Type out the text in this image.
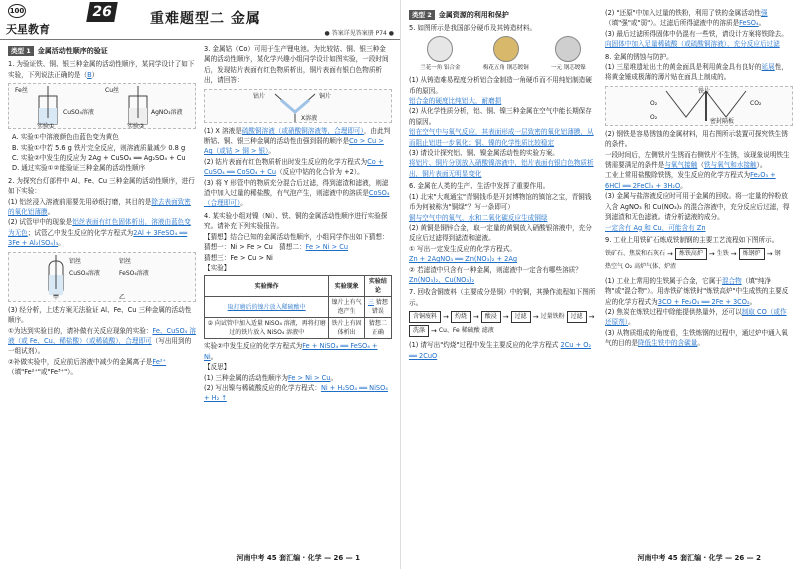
100
天星教育
26	重难题型二 金属
● 答案详见答案册 P74 ●
类型 1	金属活动性顺序的验证
1. 为验证铁、铜、银三种金属的活动性顺序，某同学设计了如下实验，下列说法正确的是（B）
Fe丝
CuSO₄溶液
Cu丝
AgNO₃溶液
实验①	实验②
A. 实验①中溶液颜色由蓝色变为黄色
B. 实验①中若 5.6 g 铁片完全反应，则溶液质量减少 0.8 g
C. 实验②中发生的反应为 2Ag + CuSO₄ ══ Ag₂SO₄ + Cu
D. 通过实验①②能验证三种金属的活动性顺序
2. 为探究台灯部件中 Al、Fe、Cu 三种金属的活动性顺序，进行如下实验：
(1) 铝丝浸入溶液前需要先用砂纸打磨，其目的是除去表面致密的氧化铝薄膜。
(2) 试管甲中的现象是铝丝表面有红色固体析出，溶液由蓝色变为无色；试管乙中发生反应的化学方程式为2Al + 3FeSO₄ ══ 3Fe + Al₂(SO₄)₃。
铝丝
CuSO₄溶液
甲
铝丝
FeSO₄溶液
乙
(3) 经分析，上述方案无法验证 Al、Fe、Cu 三种金属的活动性顺序。
①为达到实验目的，请补做有关反应现象的实验：Fe、CuSO₄ 溶液（或 Fe、Cu、稀盐酸）（或稀硫酸），合理即可（写出用到的一组试剂）。
②补做实验中，反应前后溶液中减少的金属离子是Fe²⁺（填"Fe²⁺"或"Fe³⁺"）。
3. 金属钴（Co）可用于生产锂电池。为比较钴、铜、银三种金属的活动性顺序，某化学兴趣小组同学设计如图实验，一段时间后，发现钴片表面有红色物质析出，铜片表面有银白色物质析出，请回答：
钴片	铜片
X溶液
(1) X 溶液是硫酸铜溶液（或硝酸铜溶液等，合理即可），由此判断钴、铜、银三种金属的活动性由强到弱的顺序是Co > Cu > Ag（或钴 > 铜 > 银）。
(2) 钴片表面有红色物质析出时发生反应的化学方程式为Co + CuSO₄ ══ CoSO₄ + Cu（反应中钴的化合价为 +2）。
(3) 将 Y 形管中的物质充分混合后过滤，得到滤渣和滤液，则滤渣中加入过量的稀盐酸，有气泡产生，则滤液中的溶质是CoSO₄（合理即可）。
4. 某实验小组对镍（Ni）、铁、铜的金属活动性顺序进行实验探究。请补充下列实验报告。
【猜想】结合已知的金属活动性顺序，小组同学作出如下猜想：
猜想一：Ni > Fe > Cu 猜想二：Fe > Ni > Cu
猜想三：Fe > Cu > Ni
【实验】
实验操作	实验现象	实验结论
取打磨后的镍片放入稀硫酸中	镍片上有气泡产生	三 猜想 错误
② 向试管中加入适量 NiSO₄ 溶液，再将打磨过的铁片放入 NiSO₄ 溶液中	铁片上有固体析出	猜想二正确
实验②中发生反应的化学方程式为Fe + NiSO₄ ══ FeSO₄ + Ni。
【反思】
(1) 三种金属的活动性顺序为Fe > Ni > Cu。
(2) 写出镍与稀硫酸反应的化学方程式：Ni + H₂SO₄ ══ NiSO₄ + H₂ ↑
河南中考 45 套汇编 · 化学 — 26 — 1
类型 2	金属资源的利用和保护
5. 如图所示是我国部分硬币及其铸造材料。
兰花一角 铝合金	梅花五角 钢芯镀铜	一元 钢芯镀镍
(1) 从铸造难易程度分析铝合金制造一角硬币而不用纯铝制造硬币的原因。
铝合金的硬度比纯铝大，耐磨损
(2) 从化学性质分析，铝、铜、镍三种金属在空气中能长期保存的原因。
铝在空气中与氧气反应，其表面形成一层致密的氧化铝薄膜，从而阻止铝进一步氧化；铜、镍的化学性质比较稳定
(3) 请设计探究铝、铜、镍金属活动性的实验方案。
将铝片、铜片分别放入硝酸镍溶液中，铝片表面有银白色物质析出，铜片表面无明显变化
6. 金属在人类的生产、生活中发挥了重要作用。
(1) 北宋"大观通宝"青铜钱币是开封博物馆的镇馆之宝，青铜钱币为何被称为"铜绿"？写一条即可）
铜与空气中的氧气、水和二氧化碳反应生成铜绿
(2) 黄铜是铜锌合金，取一定量的黄铜放入硝酸银溶液中，充分反应后过滤得到滤渣和滤液。
① 写出一定发生反应的化学方程式。
Zn + 2AgNO₃ ══ Zn(NO₃)₂ + 2Ag
② 若滤渣中只含有一种金属，则滤液中一定含有哪些溶质？
Zn(NO₃)₂、Cu(NO₃)₂
7. 回收含铜废料（主要成分是铜）中的铜，其操作流程如下图所示。
含铜废料 →	灼烧 →	酸浸 →	过滤 → 过量铁粉	过滤 →
洗涤 → Cu、Fe 稀硫酸 滤液
(1) 请写出"灼烧"过程中发生主要反应的化学方程式 2Cu + O₂ ══ 2CuO
(2) "还原"中加入过量的铁粉，利用了铁的金属活动性强（填"强"或"弱"）。过滤后所得滤液中的溶质是FeSO₄。
(3) 最后过滤所得固体中仍混有一些铁，请设计方案将铁除去。
向固体中加入足量稀硫酸（或硫酸铜溶液），充分反应后过滤
8. 金属的锈蚀与防护。
(1) 三星堆遗址出土的黄金面具是利用黄金具有良好的延展性，将黄金锤成极薄的薄片贴在面具上制成的。
铁片
O₂	CO₂
O₂
密封隔板
(2) 钢铁是容易锈蚀的金属材料，用右图所示装置可探究铁生锈的条件。
一段时间后，左侧铁片生锈而右侧铁片不生锈，该现象说明铁生锈需要满足的条件是与氧气接触（铁与氧气和水接触）。
工业上常用盐酸除铁锈，发生反应的化学方程式为Fe₂O₃ + 6HCl ══ 2FeCl₃ + 3H₂O。
(3) 金属与盐溶液反应时可用于金属的回收。将一定量的锌粉放入含 AgNO₃ 和 Cu(NO₃)₂ 的混合溶液中，充分反应后过滤，得到滤渣和无色滤液。请分析滤液的成分。
一定含有 Ag 和 Cu，可能含有 Zn
9. 工业上用铁矿石炼成铁制钢的主要工艺流程如下图所示。
铁矿石、焦炭和石灰石 →	炼铁高炉 → 生铁 →	炼钢炉 → 钢
热空气 O₂ 高炉气体、炉渣
(1) 工业上常用的生铁属于合金，它属于混合物（填"纯净物"或"混合物"）。用赤铁矿炼铁时"炼铁高炉"中生成铁的主要反应的化学方程式为3CO + Fe₂O₃ ══ 2Fe + 3CO₂。
(2) 焦炭在炼铁过程中除能提供热量外，还可以制取 CO（或作还原剂）。
(3) 从物质组成的角度看，生铁炼钢的过程中，通过炉中通入氧气的目的是降低生铁中的含碳量。
河南中考 45 套汇编 · 化学 — 26 — 2
